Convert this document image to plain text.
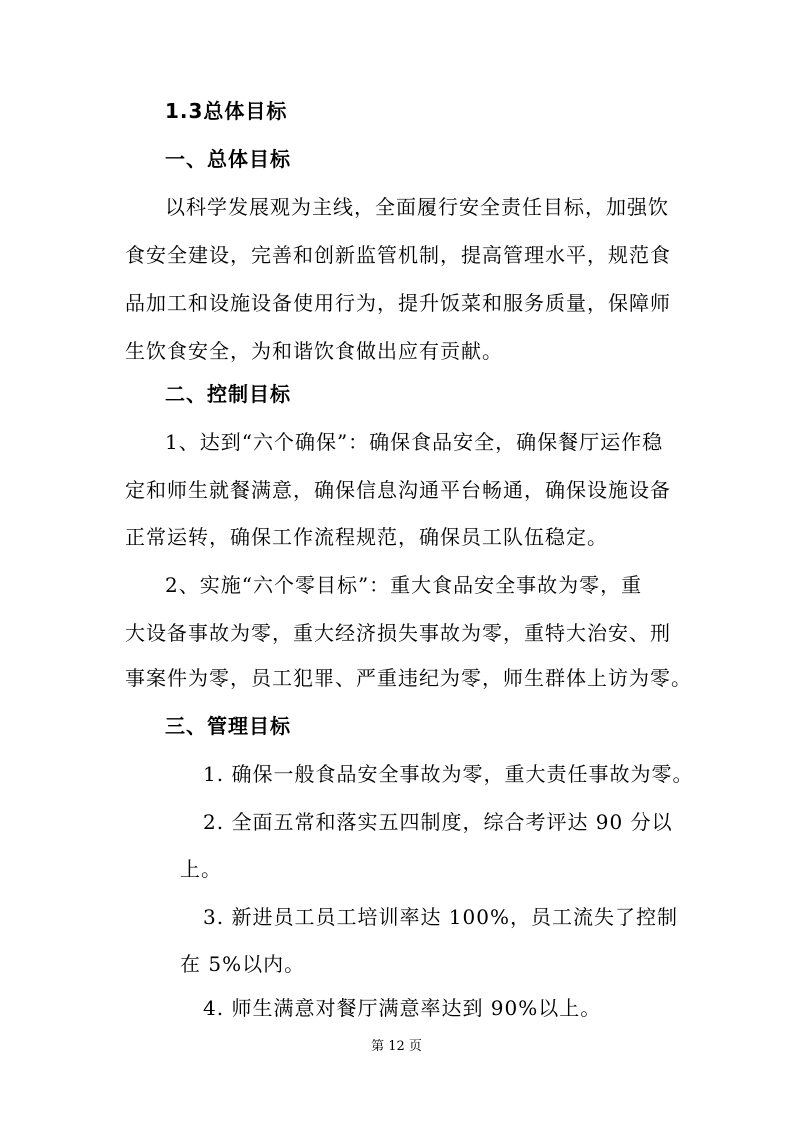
1.3总体目标
一、总体目标
以科学发展观为主线，全面履行安全责任目标，加强饮
食安全建设，完善和创新监管机制，提高管理水平，规范食
品加工和设施设备使用行为，提升饭菜和服务质量，保障师
生饮食安全，为和谐饮食做出应有贡献。
二、控制目标
1、达到“六个确保”：确保食品安全，确保餐厅运作稳
定和师生就餐满意，确保信息沟通平台畅通，确保设施设备
正常运转，确保工作流程规范，确保员工队伍稳定。
2、实施“六个零目标”：重大食品安全事故为零，重
大设备事故为零，重大经济损失事故为零，重特大治安、刑
事案件为零，员工犯罪、严重违纪为零，师生群体上访为零。
三、管理目标
1. 确保一般食品安全事故为零，重大责任事故为零。
2. 全面五常和落实五四制度，综合考评达 90 分以
上。
3. 新进员工员工培训率达 100%，员工流失了控制
在 5%以内。
4. 师生满意对餐厅满意率达到 90%以上。
第 12 页
